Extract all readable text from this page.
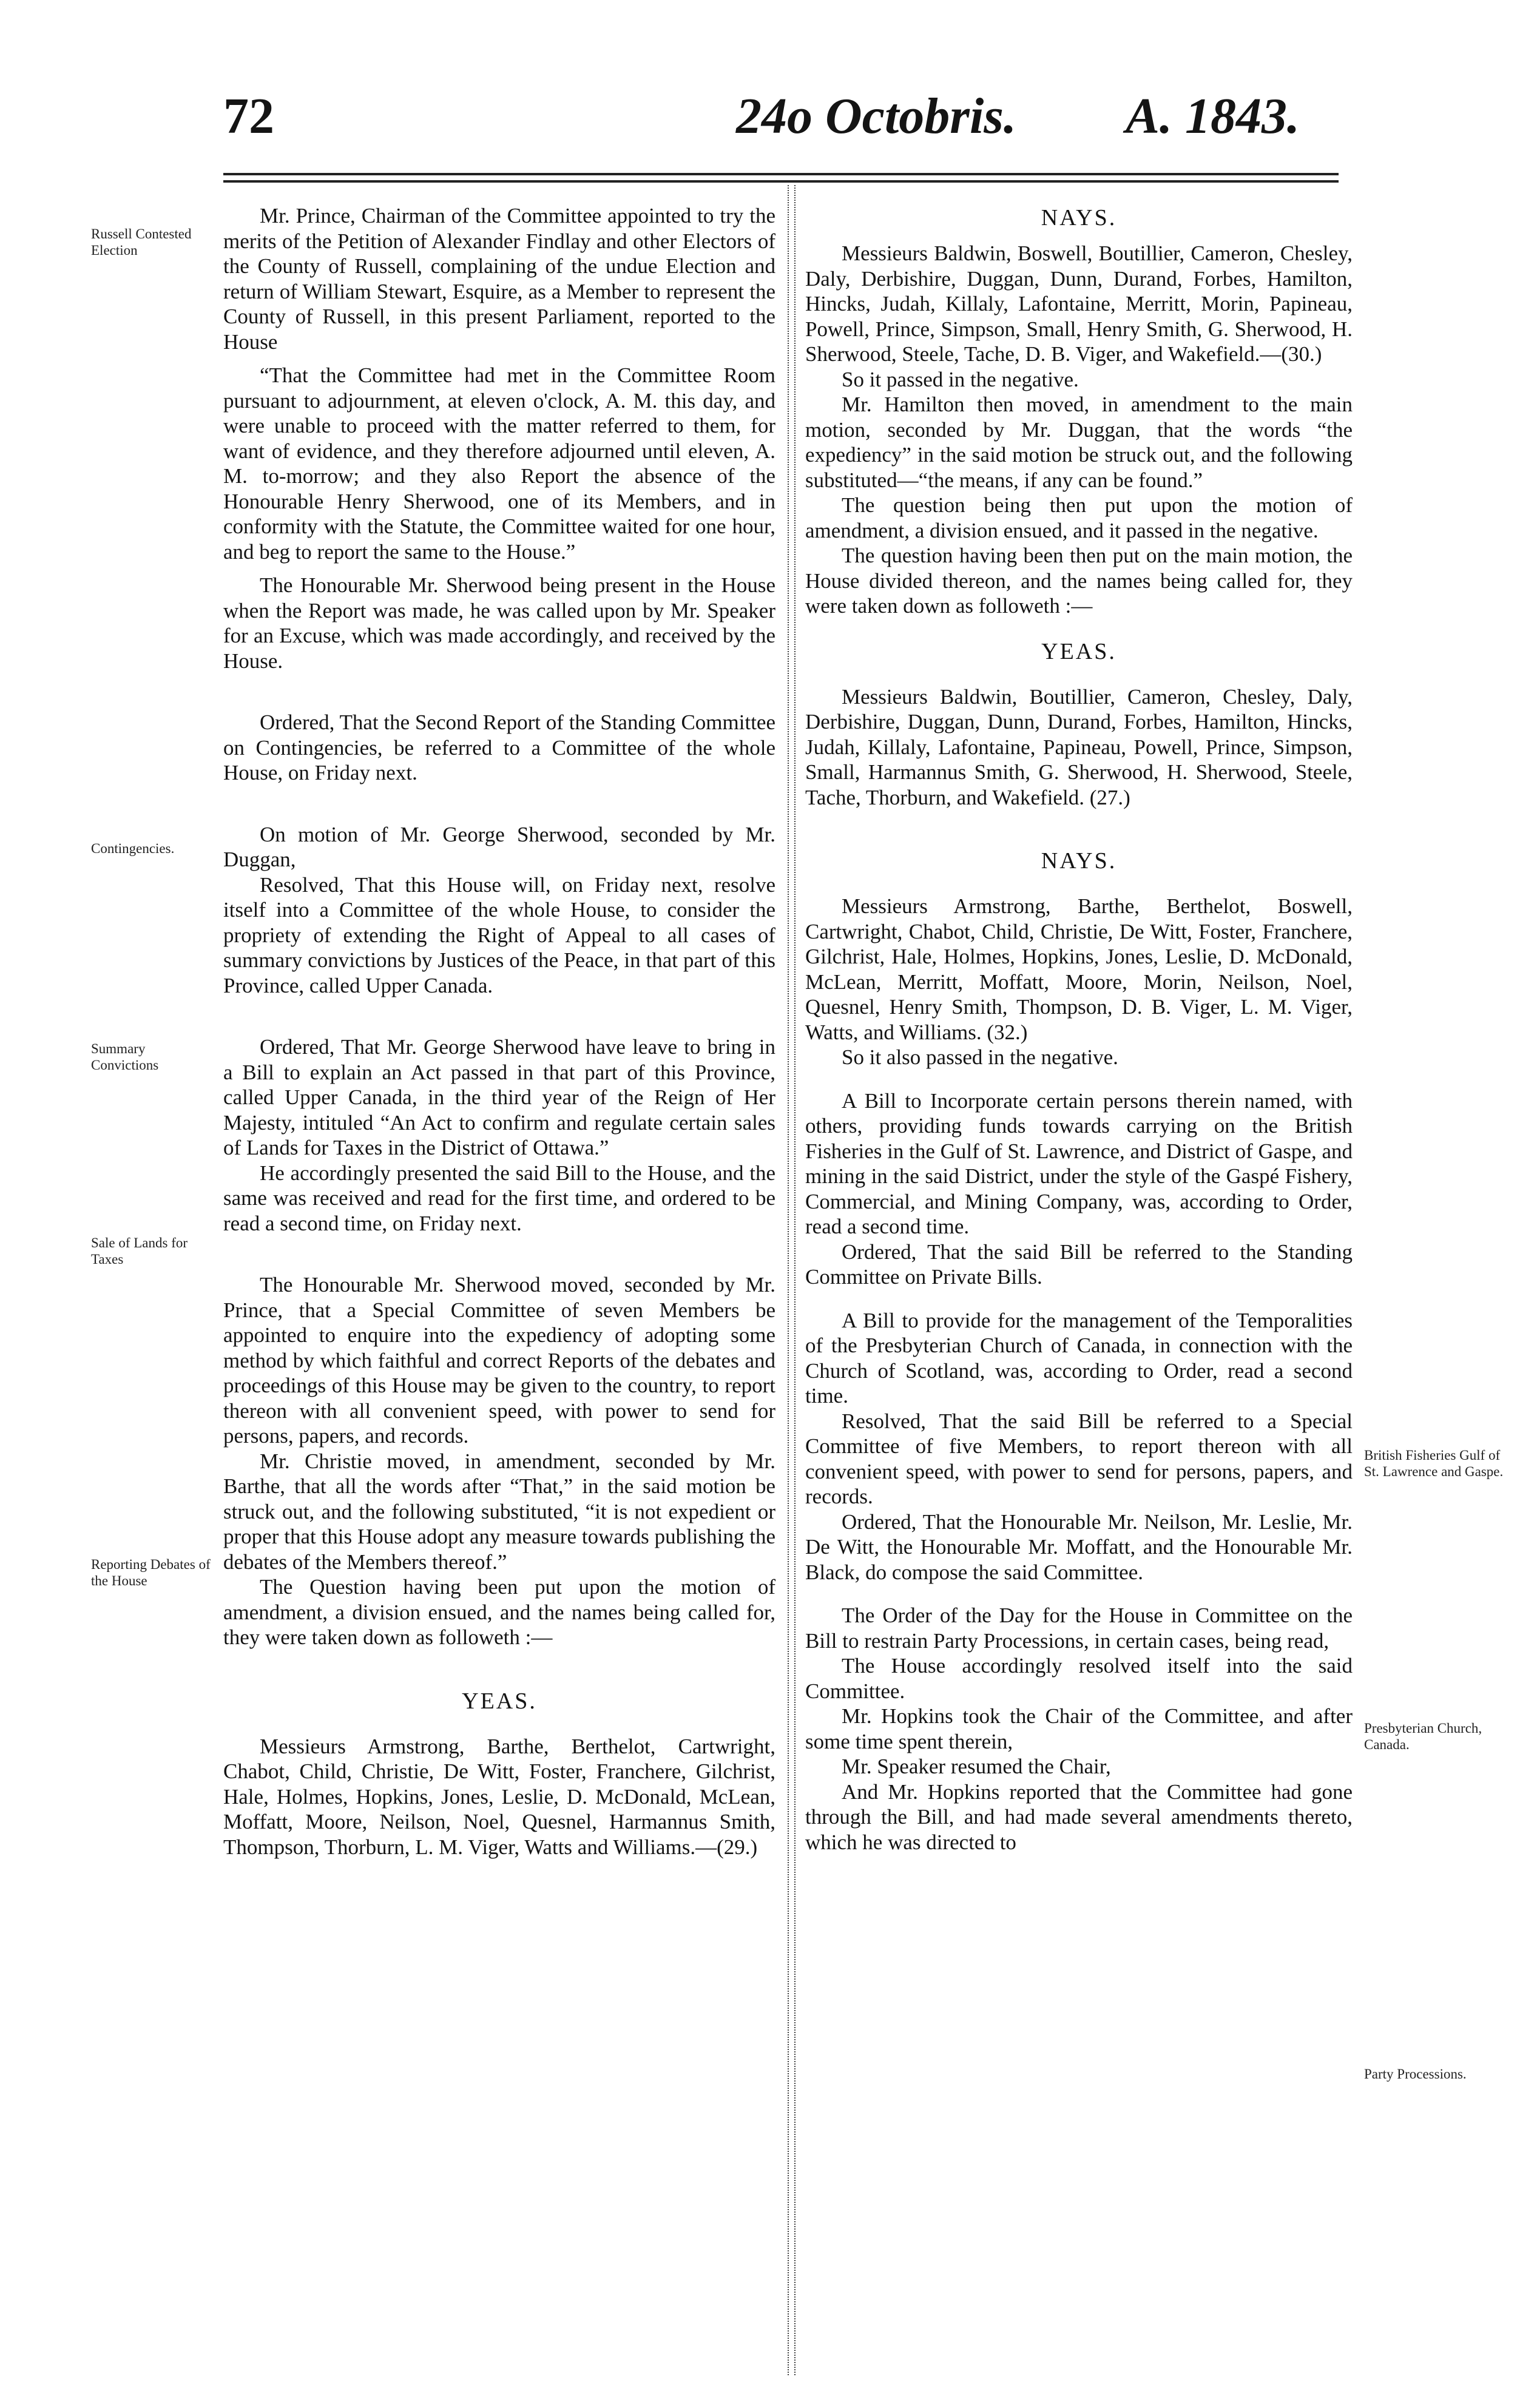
72	24o Octobris. A. 1843.
Russell Contested Election
Contingencies.
Summary Convictions
Sale of Lands for Taxes
Reporting Debates of the House
British Fisheries Gulf of St. Lawrence and Gaspe.
Presbyterian Church, Canada.
Party Processions.

Mr. Prince, Chairman of the Committee appointed to try the merits of the Petition of Alexander Findlay and other Electors of the County of Russell, complaining of the undue Election and return of William Stewart, Esquire, as a Member to represent the County of Russell, in this present Parliament, reported to the House

“That the Committee had met in the Committee Room pursuant to adjournment, at eleven o'clock, A. M. this day, and were unable to proceed with the matter referred to them, for want of evidence, and they therefore adjourned until eleven, A. M. to-morrow; and they also Report the absence of the Honourable Henry Sherwood, one of its Members, and in conformity with the Statute, the Committee waited for one hour, and beg to report the same to the House.”

The Honourable Mr. Sherwood being present in the House when the Report was made, he was called upon by Mr. Speaker for an Excuse, which was made accordingly, and received by the House.

Ordered, That the Second Report of the Standing Committee on Contingencies, be referred to a Committee of the whole House, on Friday next.

On motion of Mr. George Sherwood, seconded by Mr. Duggan,

Resolved, That this House will, on Friday next, resolve itself into a Committee of the whole House, to consider the propriety of extending the Right of Appeal to all cases of summary convictions by Justices of the Peace, in that part of this Province, called Upper Canada.

Ordered, That Mr. George Sherwood have leave to bring in a Bill to explain an Act passed in that part of this Province, called Upper Canada, in the third year of the Reign of Her Majesty, intituled “An Act to confirm and regulate certain sales of Lands for Taxes in the District of Ottawa.”

He accordingly presented the said Bill to the House, and the same was received and read for the first time, and ordered to be read a second time, on Friday next.

The Honourable Mr. Sherwood moved, seconded by Mr. Prince, that a Special Committee of seven Members be appointed to enquire into the expediency of adopting some method by which faithful and correct Reports of the debates and proceedings of this House may be given to the country, to report thereon with all convenient speed, with power to send for persons, papers, and records.

Mr. Christie moved, in amendment, seconded by Mr. Barthe, that all the words after “That,” in the said motion be struck out, and the following substituted, “it is not expedient or proper that this House adopt any measure towards publishing the debates of the Members thereof.”

The Question having been put upon the motion of amendment, a division ensued, and the names being called for, they were taken down as followeth :—

YEAS.

Messieurs Armstrong, Barthe, Berthelot, Cartwright, Chabot, Child, Christie, De Witt, Foster, Franchere, Gilchrist, Hale, Holmes, Hopkins, Jones, Leslie, D. McDonald, McLean, Moffatt, Moore, Neilson, Noel, Quesnel, Harmannus Smith, Thompson, Thorburn, L. M. Viger, Watts and Williams.—(29.)

NAYS.

Messieurs Baldwin, Boswell, Boutillier, Cameron, Chesley, Daly, Derbishire, Duggan, Dunn, Durand, Forbes, Hamilton, Hincks, Judah, Killaly, Lafontaine, Merritt, Morin, Papineau, Powell, Prince, Simpson, Small, Henry Smith, G. Sherwood, H. Sherwood, Steele, Tache, D. B. Viger, and Wakefield.—(30.)

So it passed in the negative.

Mr. Hamilton then moved, in amendment to the main motion, seconded by Mr. Duggan, that the words “the expediency” in the said motion be struck out, and the following substituted—“the means, if any can be found.”

The question being then put upon the motion of amendment, a division ensued, and it passed in the negative.

The question having been then put on the main motion, the House divided thereon, and the names being called for, they were taken down as followeth :—

YEAS.

Messieurs Baldwin, Boutillier, Cameron, Chesley, Daly, Derbishire, Duggan, Dunn, Durand, Forbes, Hamilton, Hincks, Judah, Killaly, Lafontaine, Papineau, Powell, Prince, Simpson, Small, Harmannus Smith, G. Sherwood, H. Sherwood, Steele, Tache, Thorburn, and Wakefield. (27.)

NAYS.

Messieurs Armstrong, Barthe, Berthelot, Boswell, Cartwright, Chabot, Child, Christie, De Witt, Foster, Franchere, Gilchrist, Hale, Holmes, Hopkins, Jones, Leslie, D. McDonald, McLean, Merritt, Moffatt, Moore, Morin, Neilson, Noel, Quesnel, Henry Smith, Thompson, D. B. Viger, L. M. Viger, Watts, and Williams. (32.)

So it also passed in the negative.

A Bill to Incorporate certain persons therein named, with others, providing funds towards carrying on the British Fisheries in the Gulf of St. Lawrence, and District of Gaspe, and mining in the said District, under the style of the Gaspé Fishery, Commercial, and Mining Company, was, according to Order, read a second time.

Ordered, That the said Bill be referred to the Standing Committee on Private Bills.

A Bill to provide for the management of the Temporalities of the Presbyterian Church of Canada, in connection with the Church of Scotland, was, according to Order, read a second time.

Resolved, That the said Bill be referred to a Special Committee of five Members, to report thereon with all convenient speed, with power to send for persons, papers, and records.

Ordered, That the Honourable Mr. Neilson, Mr. Leslie, Mr. De Witt, the Honourable Mr. Moffatt, and the Honourable Mr. Black, do compose the said Committee.

The Order of the Day for the House in Committee on the Bill to restrain Party Processions, in certain cases, being read,

The House accordingly resolved itself into the said Committee.

Mr. Hopkins took the Chair of the Committee, and after some time spent therein,

Mr. Speaker resumed the Chair,

And Mr. Hopkins reported that the Committee had gone through the Bill, and had made several amendments thereto, which he was directed to
